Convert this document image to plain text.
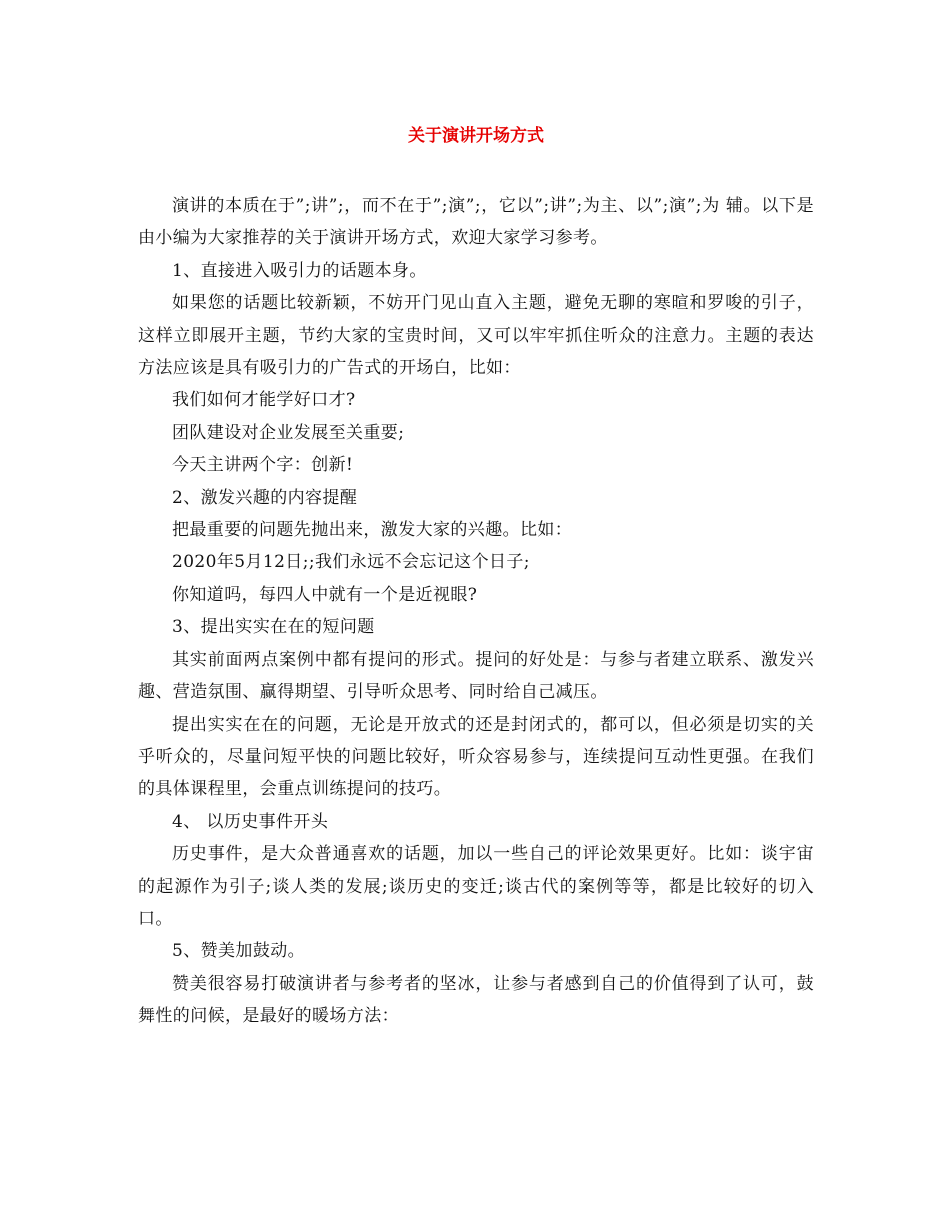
关于演讲开场方式

演讲的本质在于”;讲”;，而不在于”;演”;，它以”;讲”;为主、以”;演”;为 辅。以下是由小编为大家推荐的关于演讲开场方式，欢迎大家学习参考。

1、直接进入吸引力的话题本身。

如果您的话题比较新颖，不妨开门见山直入主题，避免无聊的寒暄和罗唆的引子，这样立即展开主题，节约大家的宝贵时间，又可以牢牢抓住听众的注意力。主题的表达方法应该是具有吸引力的广告式的开场白，比如：

我们如何才能学好口才?

团队建设对企业发展至关重要;

今天主讲两个字：创新!

2、激发兴趣的内容提醒

把最重要的问题先抛出来，激发大家的兴趣。比如：

2020年5月12日;;我们永远不会忘记这个日子;

你知道吗，每四人中就有一个是近视眼?

3、提出实实在在的短问题

其实前面两点案例中都有提问的形式。提问的好处是：与参与者建立联系、激发兴趣、营造氛围、赢得期望、引导听众思考、同时给自己减压。

提出实实在在的问题，无论是开放式的还是封闭式的，都可以，但必须是切实的关乎听众的，尽量问短平快的问题比较好，听众容易参与，连续提问互动性更强。在我们的具体课程里，会重点训练提问的技巧。

4、 以历史事件开头

历史事件，是大众普通喜欢的话题，加以一些自己的评论效果更好。比如：谈宇宙的起源作为引子;谈人类的发展;谈历史的变迁;谈古代的案例等等，都是比较好的切入口。

5、赞美加鼓动。

赞美很容易打破演讲者与参考者的坚冰，让参与者感到自己的价值得到了认可，鼓舞性的问候，是最好的暖场方法：
